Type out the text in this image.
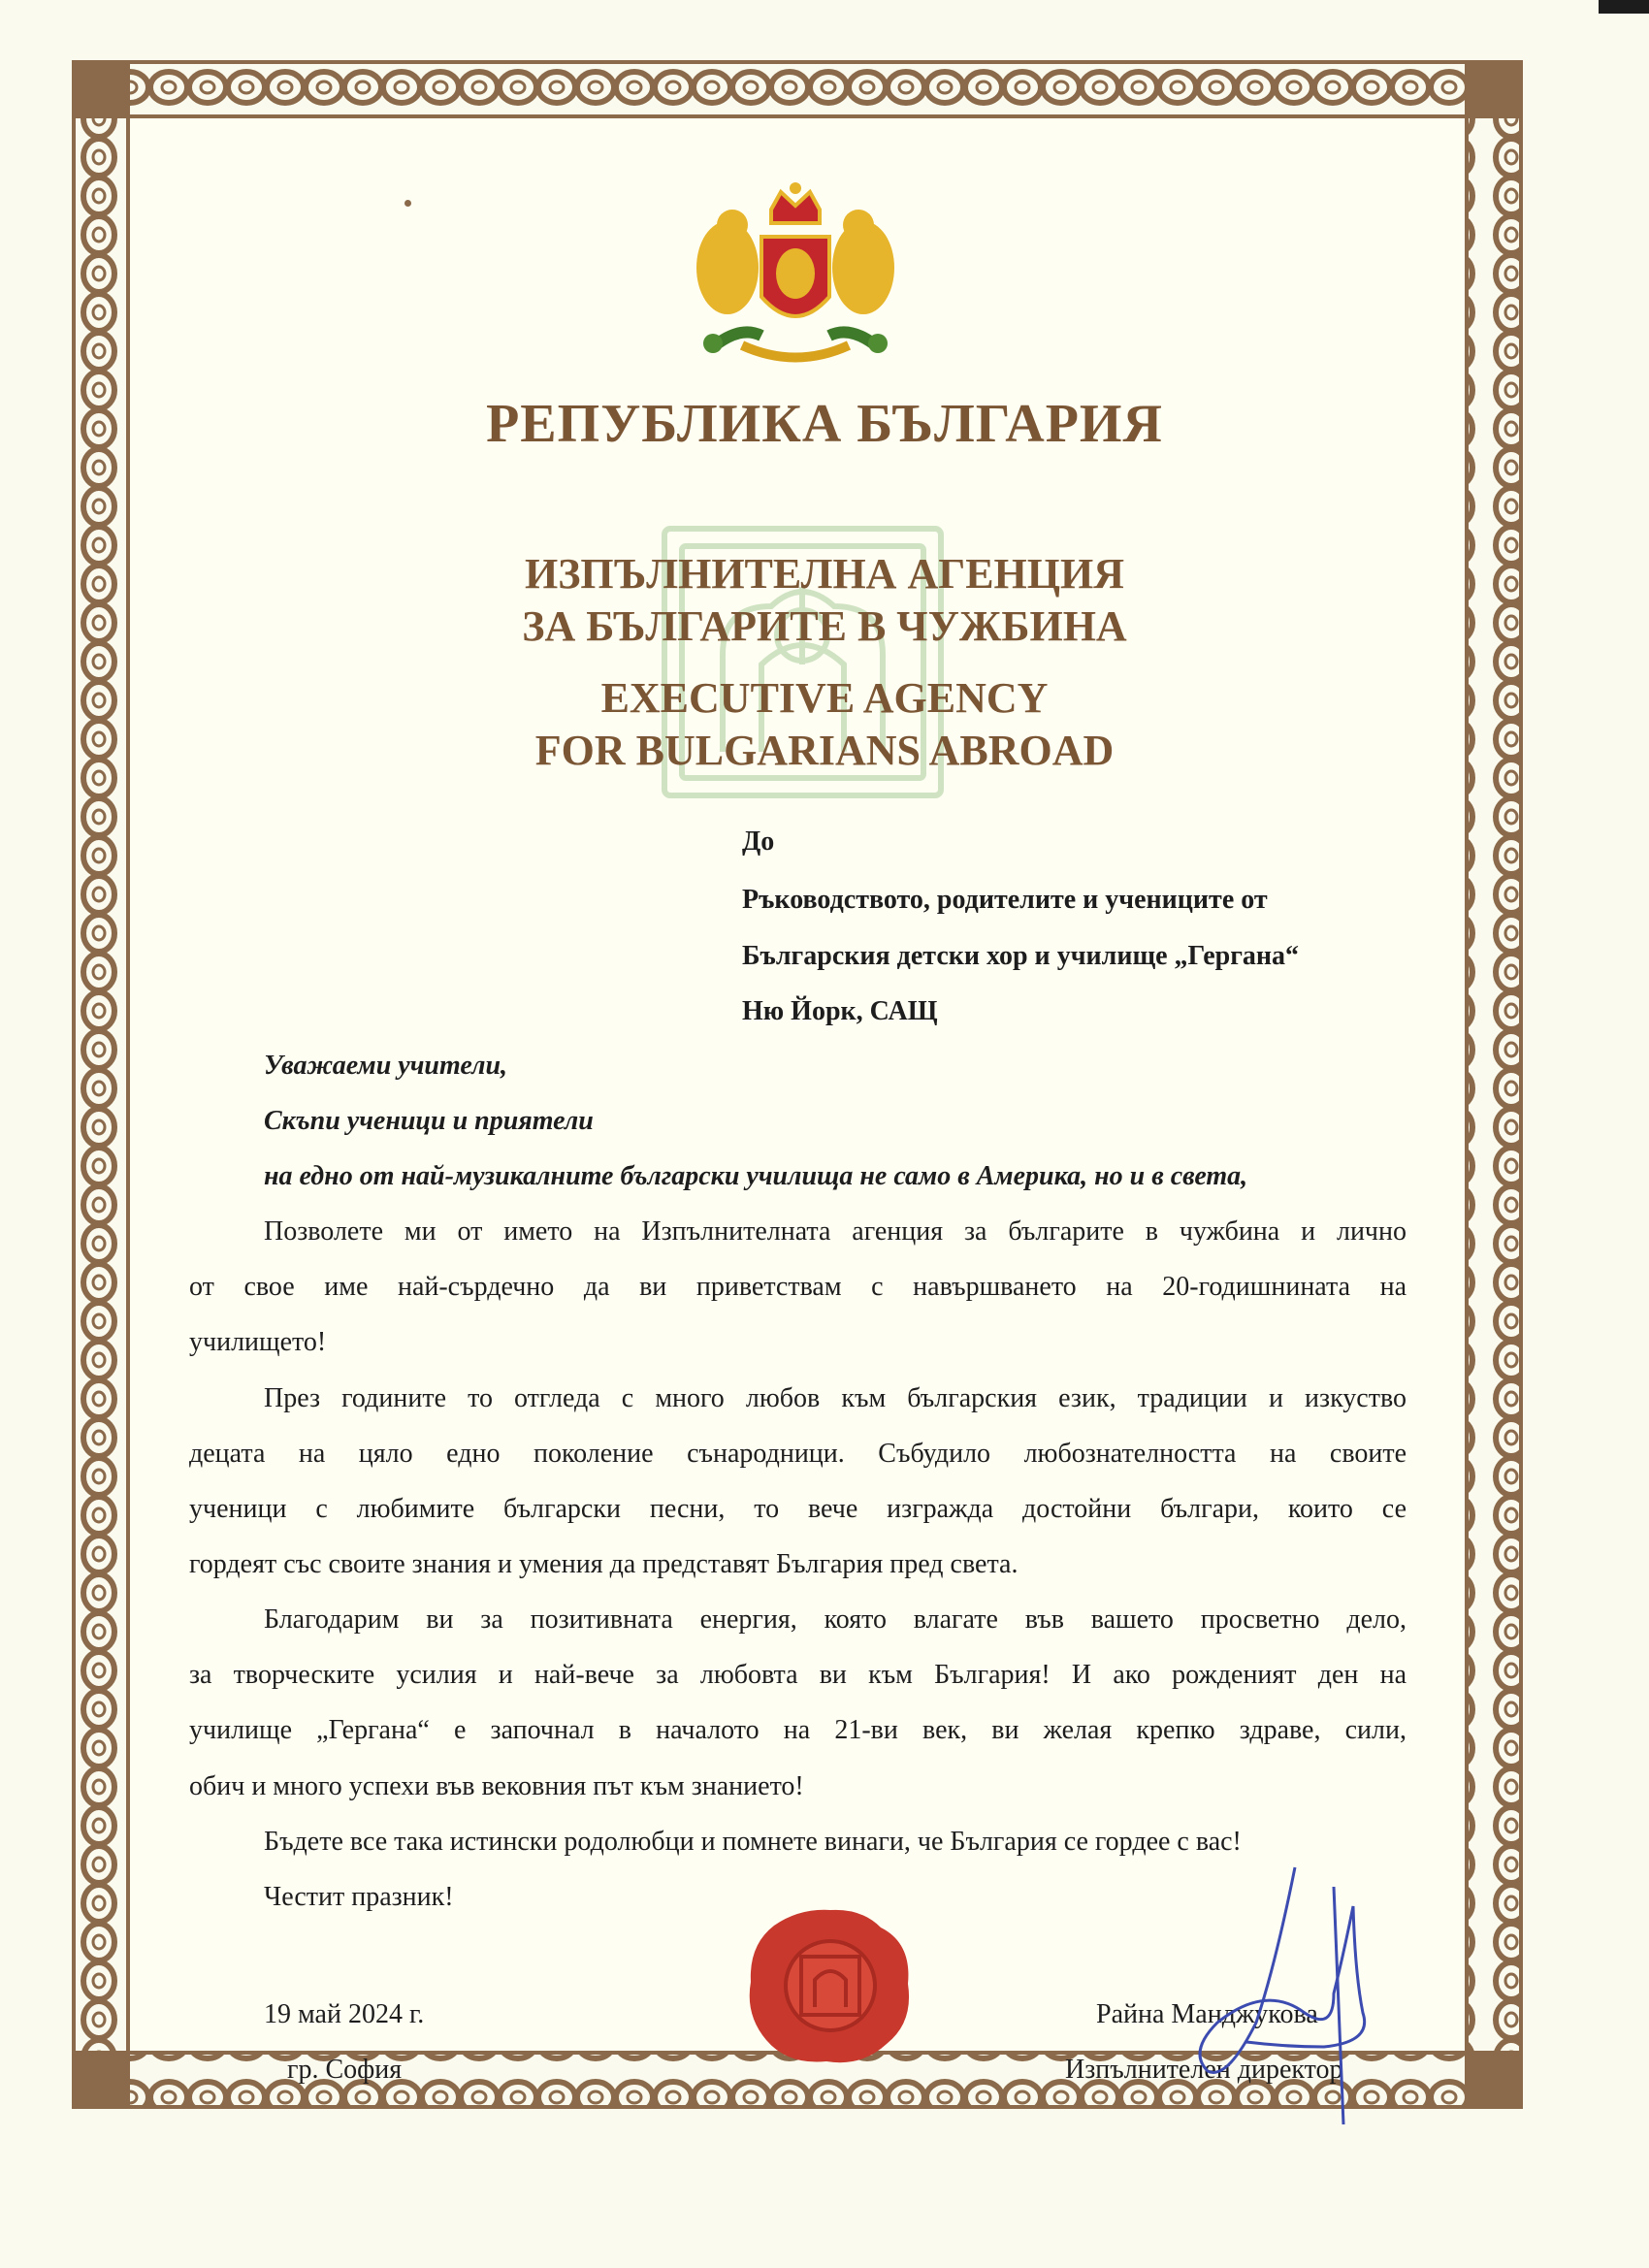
РЕПУБЛИКА БЪЛГАРИЯ
ИЗПЪЛНИТЕЛНА АГЕНЦИЯ
ЗА БЪЛГАРИТЕ В ЧУЖБИНА
EXECUTIVE AGENCY
FOR BULGARIANS ABROAD
До
Ръководството, родителите и учениците от
Българския детски хор и училище „Гергана“
Ню Йорк, САЩ
Уважаеми учители,
Скъпи ученици и приятели
на едно от най-музикалните български училища не само в Америка, но и в света,
Позволете ми от името на Изпълнителната агенция за българите в чужбина и лично
от свое име най-сърдечно да ви приветствам с навършването на 20-годишнината на
училището!
През годините то отгледа с много любов към българския език, традиции и изкуство
децата на цяло едно поколение сънародници. Събудило любознателността на своите
ученици с любимите български песни, то вече изгражда достойни българи, които се
гордеят със своите знания и умения да представят България пред света.
Благодарим ви за позитивната енергия, която влагате във вашето просветно дело,
за творческите усилия и най-вече за любовта ви към България! И ако рожденият ден на
училище „Гергана“ е започнал в началото на 21-ви век, ви желая крепко здраве, сили,
обич и много успехи във вековния път към знанието!
Бъдете все така истински родолюбци и помнете винаги, че България се гордее с вас!
Честит празник!
19 май 2024 г.
гр. София
Райна Манджукова
Изпълнителен директор
